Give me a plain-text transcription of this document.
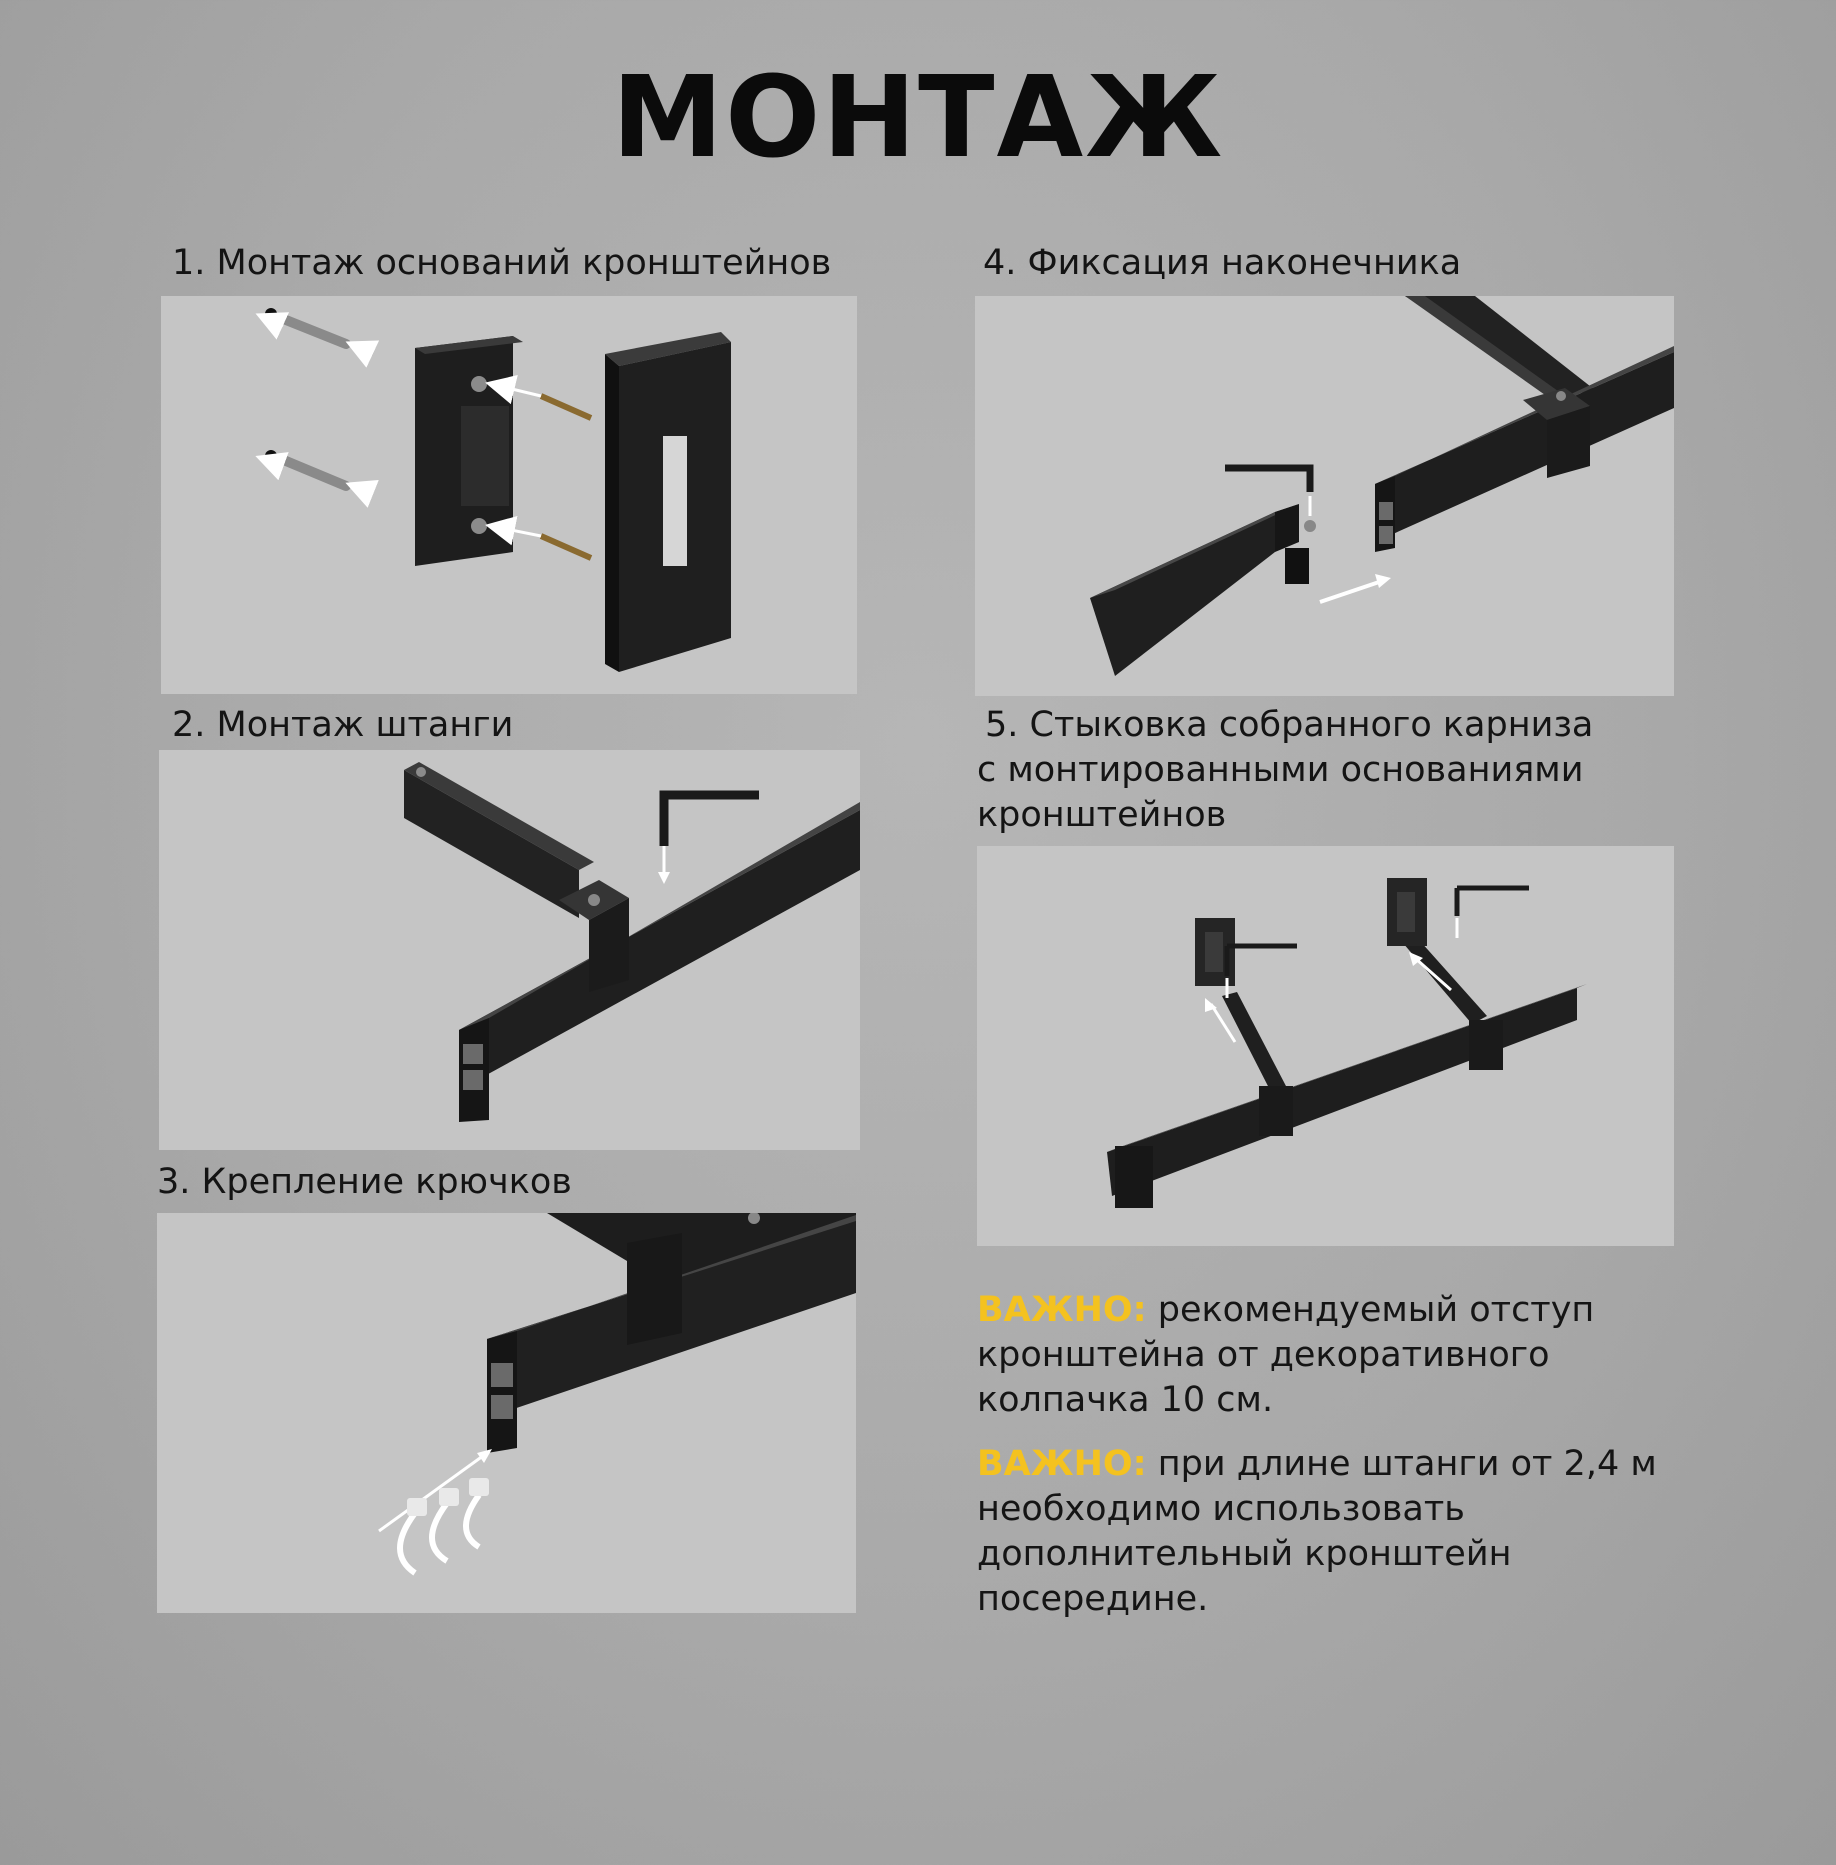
МОНТАЖ
1. Монтаж оснований кронштейнов
2. Монтаж штанги
3. Крепление крючков
4. Фиксация наконечника
5. Стыковка собранного карниза
с монтированными основаниями
кронштейнов
ВАЖНО: рекомендуемый отступ
кронштейна от декоративного
колпачка 10 см.
ВАЖНО: при длине штанги от 2,4 м
необходимо использовать
дополнительный кронштейн
посередине.
